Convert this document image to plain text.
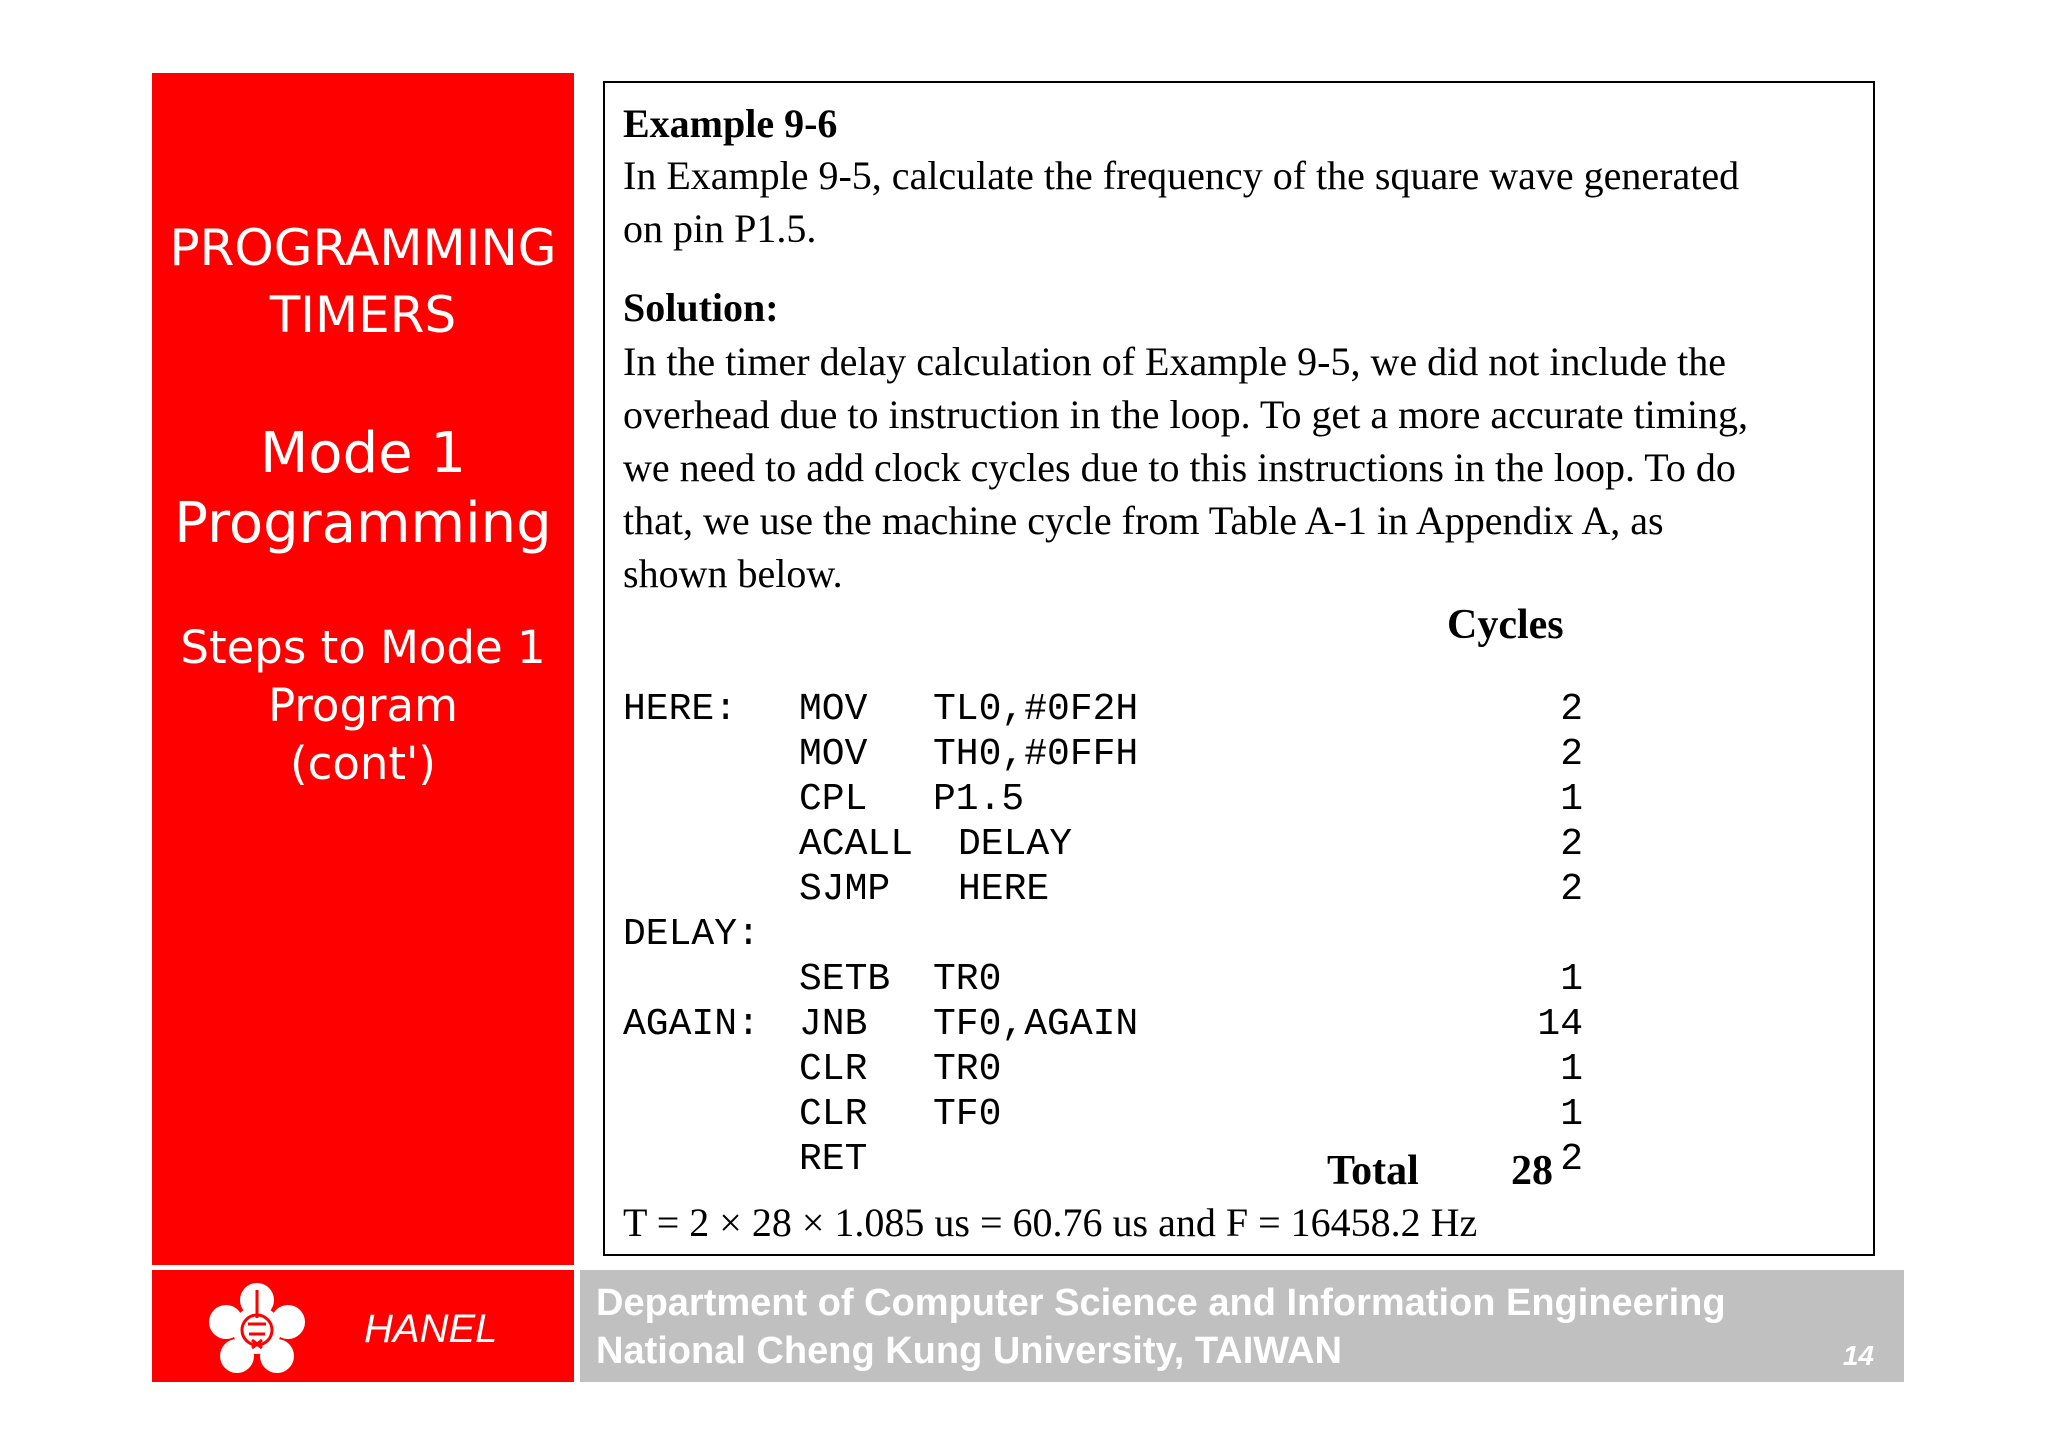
PROGRAMMING
TIMERS
Mode 1
Programming
Steps to Mode 1
Program
(cont')
HANEL
Department of Computer Science and Information Engineering
National Cheng Kung University, TAIWAN	14
Example 9-6
In Example 9-5, calculate the frequency of the square wave generated
on pin P1.5.
Solution:
In the timer delay calculation of Example 9-5, we did not include the
overhead due to instruction in the loop. To get a more accurate timing,
we need to add clock cycles due to this instructions in the loop. To do
that, we use the machine cycle from Table A-1 in Appendix A, as
shown below.
Cycles

HERE: MOV TL0,#0F2H	2

MOV TH0,#0FFH	2

CPL P1.5	1

ACALL DELAY	2

SJMP HERE	2

DELAY:

SETB TR0	1

AGAIN: JNB TF0,AGAIN	14

CLR TR0	1

CLR TF0	1

RET	2

Total 28
T = 2 × 28 × 1.085 us = 60.76 us and F = 16458.2 Hz
